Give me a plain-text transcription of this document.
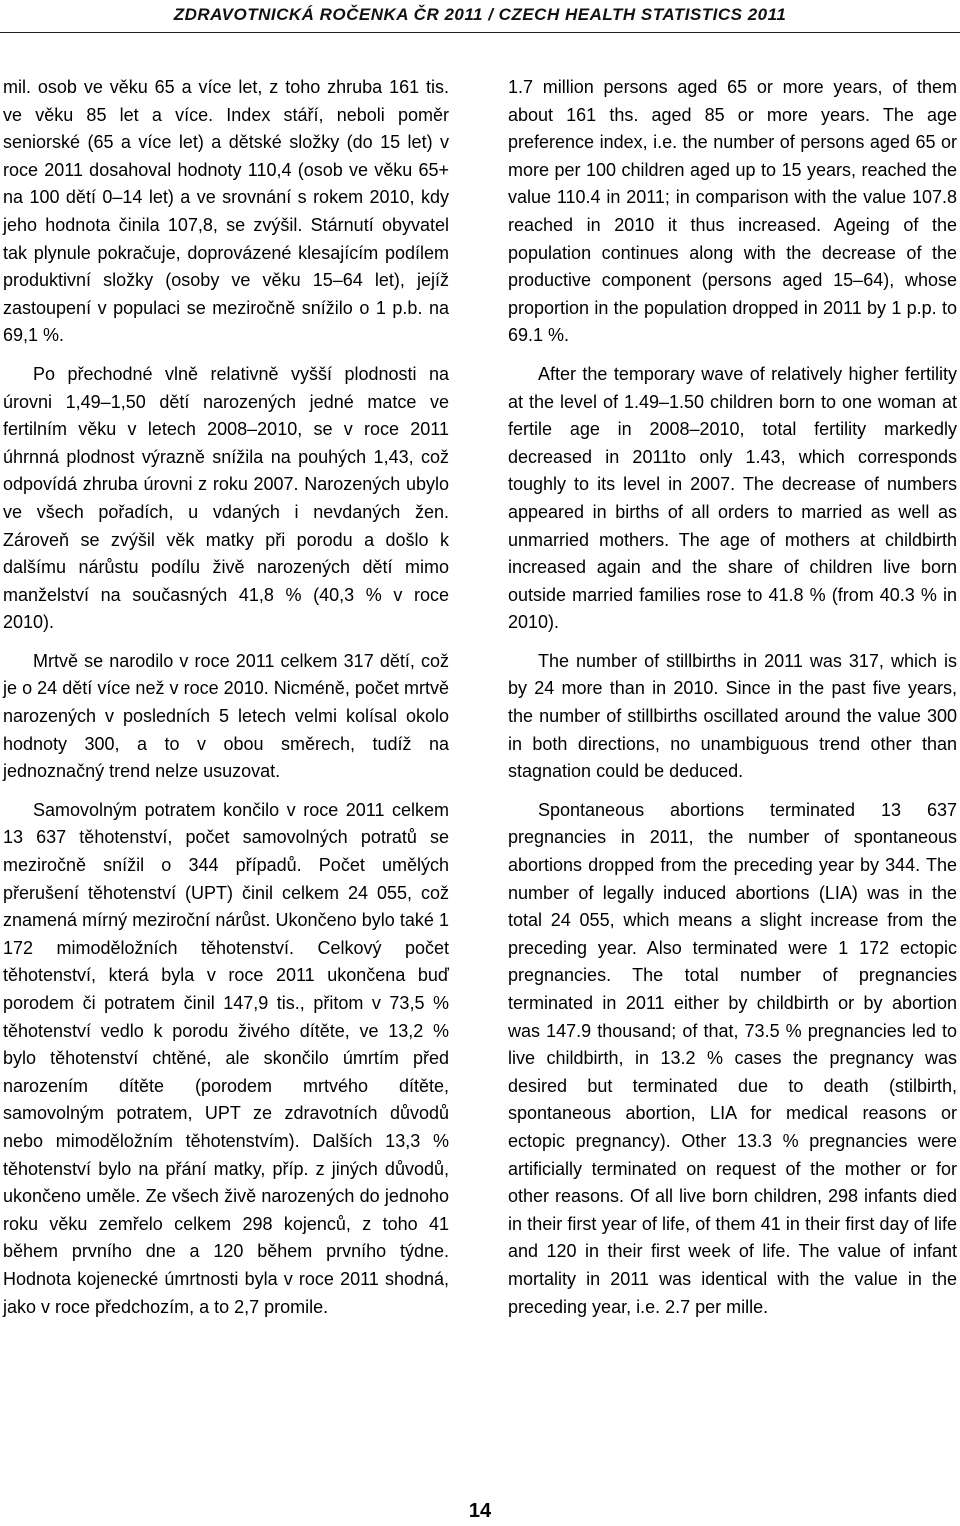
ZDRAVOTNICKÁ ROČENKA ČR 2011 / CZECH HEALTH STATISTICS 2011

mil. osob ve věku 65 a více let, z toho zhruba 161 tis. ve věku 85 let a více. Index stáří, neboli poměr seniorské (65 a více let) a dětské složky (do 15 let) v roce 2011 dosahoval hodnoty 110,4 (osob ve věku 65+ na 100 dětí 0–14 let) a ve srovnání s rokem 2010, kdy jeho hodnota činila 107,8, se zvýšil. Stárnutí obyvatel tak plynule pokračuje, doprovázené klesajícím podílem produktivní složky (osoby ve věku 15–64 let), jejíž zastoupení v populaci se meziročně snížilo o 1 p.b. na 69,1 %.

Po přechodné vlně relativně vyšší plodnosti na úrovni 1,49–1,50 dětí narozených jedné matce ve fertilním věku v letech 2008–2010, se v roce 2011 úhrnná plodnost výrazně snížila na pouhých 1,43, což odpovídá zhruba úrovni z roku 2007. Narozených ubylo ve všech pořadích, u vdaných i nevdaných žen. Zároveň se zvýšil věk matky při porodu a došlo k dalšímu nárůstu podílu živě narozených dětí mimo manželství na současných 41,8 % (40,3 % v roce 2010).

Mrtvě se narodilo v roce 2011 celkem 317 dětí, což je o 24 dětí více než v roce 2010. Nicméně, počet mrtvě narozených v posledních 5 letech velmi kolísal okolo hodnoty 300, a to v obou směrech, tudíž na jednoznačný trend nelze usuzovat.

Samovolným potratem končilo v roce 2011 celkem 13 637 těhotenství, počet samovolných potratů se meziročně snížil o 344 případů. Počet umělých přerušení těhotenství (UPT) činil celkem 24 055, což znamená mírný meziroční nárůst. Ukončeno bylo také 1 172 mimoděložních těhotenství. Celkový počet těhotenství, která byla v roce 2011 ukončena buď porodem či potratem činil 147,9 tis., přitom v 73,5 % těhotenství vedlo k porodu živého dítěte, ve 13,2 % bylo těhotenství chtěné, ale skončilo úmrtím před narozením dítěte (porodem mrtvého dítěte, samovolným potratem, UPT ze zdravotních důvodů nebo mimoděložním těhotenstvím). Dalších 13,3 % těhotenství bylo na přání matky, příp. z jiných důvodů, ukončeno uměle. Ze všech živě narozených do jednoho roku věku zemřelo celkem 298 kojenců, z toho 41 během prvního dne a 120 během prvního týdne. Hodnota kojenecké úmrtnosti byla v roce 2011 shodná, jako v roce předchozím, a to 2,7 promile.

1.7 million persons aged 65 or more years, of them about 161 ths. aged 85 or more years. The age preference index, i.e. the number of persons aged 65 or more per 100 children aged up to 15 years, reached the value 110.4 in 2011; in comparison with the value 107.8 reached in 2010 it thus increased. Ageing of the population continues along with the decrease of the productive component (persons aged 15–64), whose proportion in the population dropped in 2011 by 1 p.p. to 69.1 %.

After the temporary wave of relatively higher fertility at the level of 1.49–1.50 children born to one woman at fertile age in 2008–2010, total fertility markedly decreased in 2011to only 1.43, which corresponds toughly to its level in 2007. The decrease of numbers appeared in births of all orders to married as well as unmarried mothers. The age of mothers at childbirth increased again and the share of children live born outside married families rose to 41.8 % (from 40.3 % in 2010).

The number of stillbirths in 2011 was 317, which is by 24 more than in 2010. Since in the past five years, the number of stillbirths oscillated around the value 300 in both directions, no unambiguous trend other than stagnation could be deduced.

Spontaneous abortions terminated 13 637 pregnancies in 2011, the number of spontaneous abortions dropped from the preceding year by 344. The number of legally induced abortions (LIA) was in the total 24 055, which means a slight increase from the preceding year. Also terminated were 1 172 ectopic pregnancies. The total number of pregnancies terminated in 2011 either by childbirth or by abortion was 147.9 thousand; of that, 73.5 % pregnancies led to live childbirth, in 13.2 % cases the pregnancy was desired but terminated due to death (stilbirth, spontaneous abortion, LIA for medical reasons or ectopic pregnancy). Other 13.3 % pregnancies were artificially terminated on request of the mother or for other reasons. Of all live born children, 298 infants died in their first year of life, of them 41 in their first day of life and 120 in their first week of life. The value of infant mortality in 2011 was identical with the value in the preceding year, i.e. 2.7 per mille.

14
